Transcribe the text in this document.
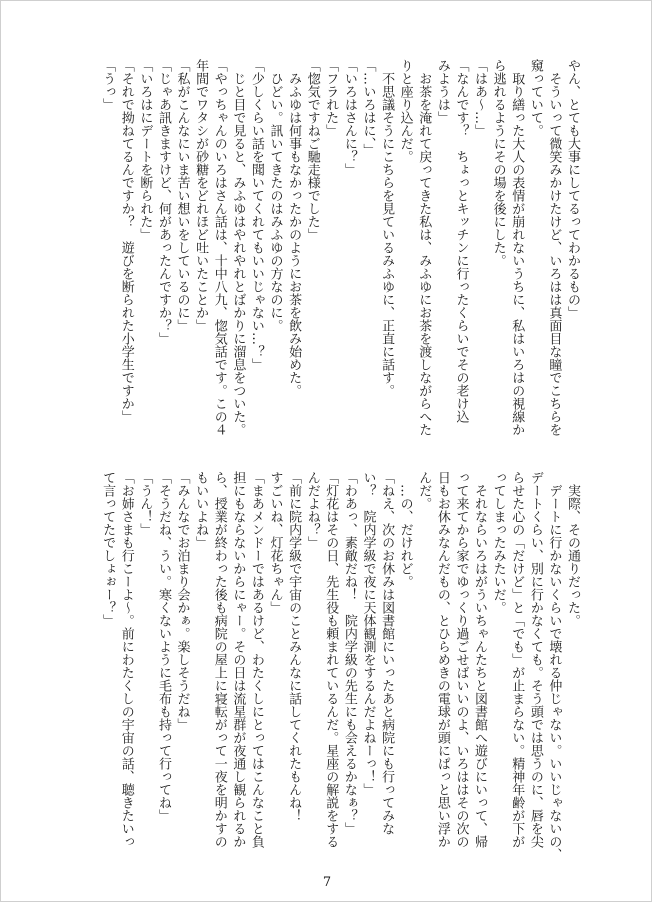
やん、とても大事にしてるってわかるもの」
　そういって微笑みかけたけど、いろはは真面目な瞳でこちらを
窺っていて。
　取り繕った大人の表情が崩れないうちに、私はいろはの視線か
ら逃れるようにその場を後にした。
「はあ〜…」
「なんです？　ちょっとキッチンに行ったくらいでその老け込
みようは」
　お茶を淹れて戻ってきた私は、みふゆにお茶を渡しながらへた
りと座り込んだ。
　不思議そうにこちらを見ているみふゆに、正直に話す。
「…いろはに、」
「いろはさんに？」
「フラれた」
「惚気ですねご馳走様でした」
　みふゆは何事もなかったかのようにお茶を飲み始めた。
　ひどい。訊いてきたのはみふゆの方なのに。
「少しくらい話を聞いてくれてもいいじゃない…？」
　じと目で見ると、みふゆはやれやれとばかりに溜息をついた。
「やっちゃんのいろはさん話は、十中八九、惚気話です。この４
年間でワタシが砂糖をどれほど吐いたことか」
「私がこんなにいま苦い想いをしているのに」
「じゃあ訊きますけど、何があったんですか？」
「いろはにデートを断られた」
「それで拗ねてるんですか？　遊びを断られた小学生ですか」
「うっ」
　実際、その通りだった。
　デートに行かないくらいで壊れる仲じゃない。いいじゃないの、
デートくらい、別に行かなくても。そう頭では思うのに、唇を尖
らせた心の「だけど」と「でも」が止まらない。精神年齢が下が
ってしまったみたいだ。
　それならいろはがういちゃんたちと図書館へ遊びにいって、帰
って来てから家でゆっくり過ごせばいいのよ、いろははその次の
日もお休みなんだもの、とひらめきの電球が頭にぱっと思い浮か
んだ。
　…の、だけれど。
「ねえ、次のお休みは図書館にいったあと病院にも行ってみな
い？　院内学級で夜に天体観測をするんだよねーっ！」
「わあっ、素敵だね！　院内学級の先生にも会えるかなぁ？」
「灯花はその日、先生役も頼まれているんだ。星座の解説をする
んだよね？」
「前に院内学級で宇宙のことみんなに話してくれたもんね！
すごいね、灯花ちゃん」
「まあメンドーではあるけど、わたくしにとってはこんなこと負
担にもならないからにゃー。その日は流星群が夜通し観られるか
ら、授業が終わった後も病院の屋上に寝転がって一夜を明かすの
もいいよね」
「みんなでお泊まり会かぁ。楽しそうだね」
「そうだね、うい。寒くないように毛布も持って行ってね」
「うん！」
「お姉さまも行こーよ〜。前にわたくしの宇宙の話、聴きたいっ
て言ってたでしょぉー？」
7
